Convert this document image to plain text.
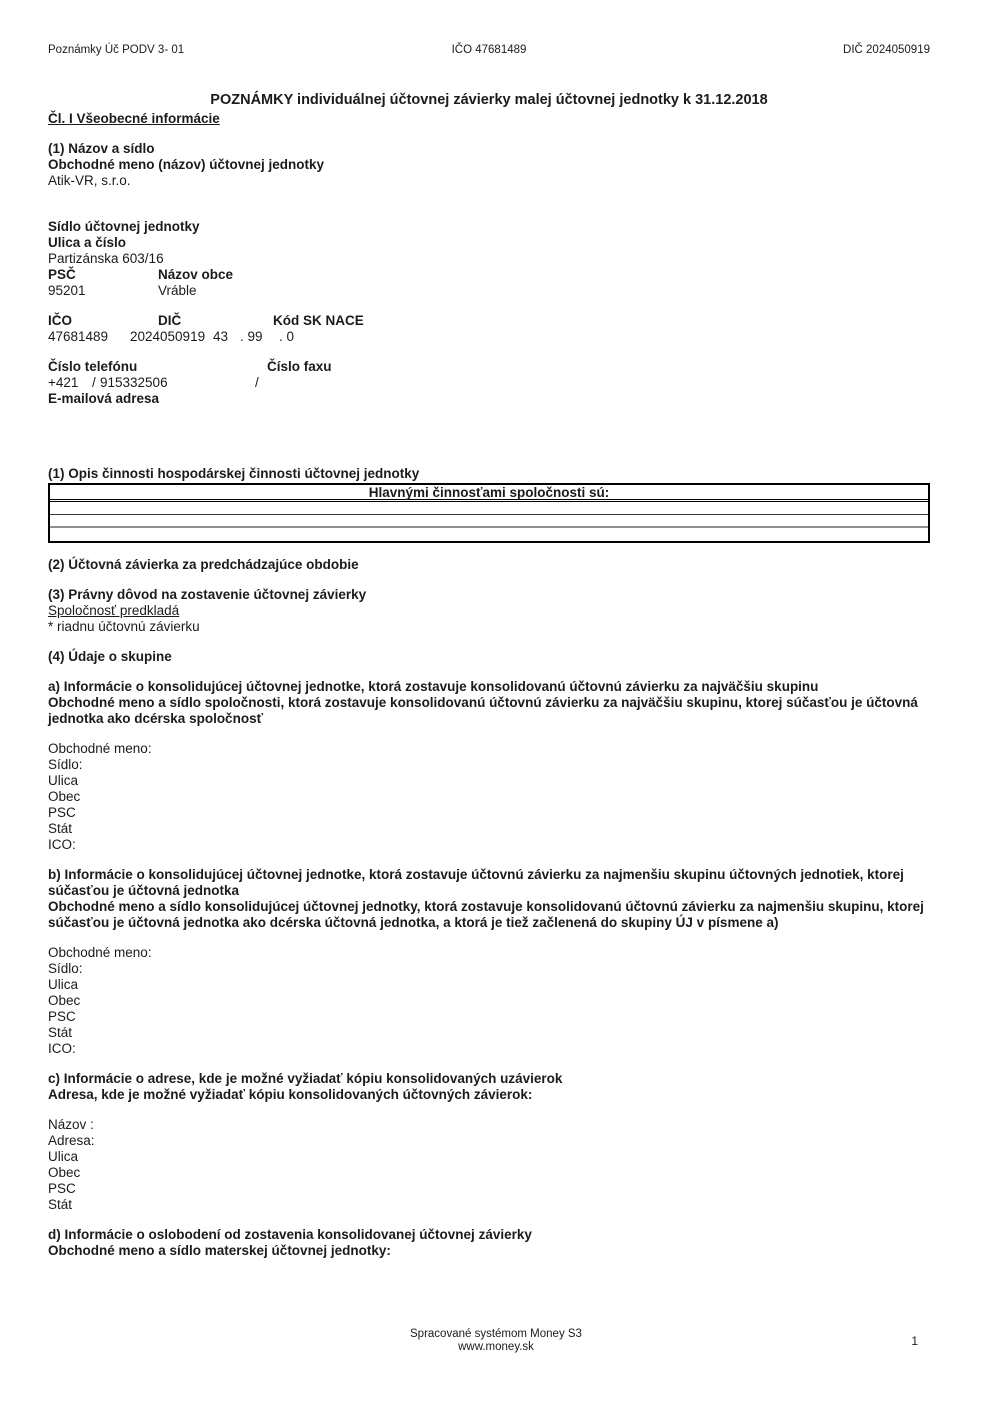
Poznámky Úč PODV 3- 01	IČO 47681489	DIČ 2024050919
POZNÁMKY individuálnej účtovnej závierky malej účtovnej jednotky k 31.12.2018
Čl. I Všeobecné informácie
(1) Názov a sídlo
Obchodné meno (názov) účtovnej jednotky
Atik-VR, s.r.o.
Sídlo účtovnej jednotky
Ulica a číslo
Partizánska 603/16
PSČ	Názov obce
95201	Vráble
IČO	DIČ	Kód SK NACE
47681489 2024050919 43 . 99 . 0
Číslo telefónu	Číslo faxu
+421 / 915332506	/
E-mailová adresa
(1) Opis činnosti hospodárskej činnosti účtovnej jednotky
Hlavnými činnosťami spoločnosti sú:
(2) Účtovná závierka za predchádzajúce obdobie
(3) Právny dôvod na zostavenie účtovnej závierky
Spoločnosť predkladá
* riadnu účtovnú závierku
(4) Údaje o skupine
a) Informácie o konsolidujúcej účtovnej jednotke, ktorá zostavuje konsolidovanú účtovnú závierku za najväčšiu skupinu
Obchodné meno a sídlo spoločnosti, ktorá zostavuje konsolidovanú účtovnú závierku za najväčšiu skupinu, ktorej súčasťou je účtovná jednotka ako dcérska spoločnosť
Obchodné meno:
Sídlo:
Ulica
Obec
PSC
Stát
ICO:
b) Informácie o konsolidujúcej účtovnej jednotke, ktorá zostavuje účtovnú závierku za najmenšiu skupinu účtovných jednotiek, ktorej súčasťou je účtovná jednotka
Obchodné meno a sídlo konsolidujúcej účtovnej jednotky, ktorá zostavuje konsolidovanú účtovnú závierku za najmenšiu skupinu, ktorej súčasťou je účtovná jednotka ako dcérska účtovná jednotka, a ktorá je tiež začlenená do skupiny ÚJ v písmene a)
Obchodné meno:
Sídlo:
Ulica
Obec
PSC
Stát
ICO:
c) Informácie o adrese, kde je možné vyžiadať kópiu konsolidovaných uzávierok
Adresa, kde je možné vyžiadať kópiu konsolidovaných účtovných závierok:
Názov :
Adresa:
Ulica
Obec
PSC
Stát
d) Informácie o oslobodení od zostavenia konsolidovanej účtovnej závierky
Obchodné meno a sídlo materskej účtovnej jednotky:
Spracované systémom Money S3
www.money.sk	1
